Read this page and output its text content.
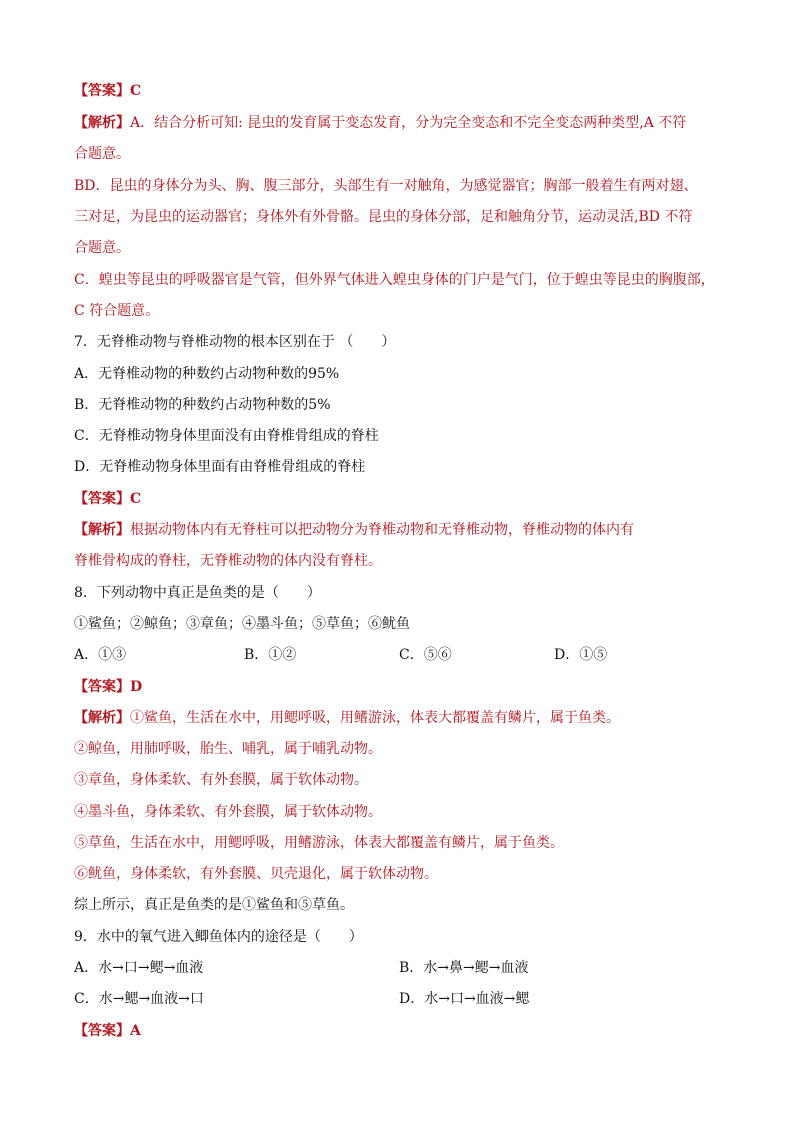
【答案】C
【解析】A．结合分析可知: 昆虫的发育属于变态发育，分为完全变态和不完全变态两种类型,A 不符
合题意。
BD．昆虫的身体分为头、胸、腹三部分，头部生有一对触角，为感觉器官；胸部一般着生有两对翅、
三对足，为昆虫的运动器官；身体外有外骨骼。昆虫的身体分部，足和触角分节，运动灵活,BD 不符
合题意。
C．蝗虫等昆虫的呼吸器官是气管，但外界气体进入蝗虫身体的门户是气门，位于蝗虫等昆虫的胸腹部，
C 符合题意。
7．无脊椎动物与脊椎动物的根本区别在于 （　　）
A．无脊椎动物的种数约占动物种数的95%
B．无脊椎动物的种数约占动物种数的5%
C．无脊椎动物身体里面没有由脊椎骨组成的脊柱
D．无脊椎动物身体里面有由脊椎骨组成的脊柱
【答案】C
【解析】根据动物体内有无脊柱可以把动物分为脊椎动物和无脊椎动物，脊椎动物的体内有
脊椎骨构成的脊柱，无脊椎动物的体内没有脊柱。
8．下列动物中真正是鱼类的是（　　）
①鲨鱼；②鲸鱼；③章鱼；④墨斗鱼；⑤草鱼；⑥鱿鱼
A．①③	B．①②	C．⑤⑥	D．①⑤
【答案】D
【解析】①鲨鱼，生活在水中，用鳃呼吸，用鳍游泳，体表大都覆盖有鳞片，属于鱼类。
②鲸鱼，用肺呼吸，胎生、哺乳，属于哺乳动物。
③章鱼，身体柔软、有外套膜，属于软体动物。
④墨斗鱼，身体柔软、有外套膜，属于软体动物。
⑤草鱼，生活在水中，用鳃呼吸，用鳍游泳，体表大都覆盖有鳞片，属于鱼类。
⑥鱿鱼，身体柔软，有外套膜、贝壳退化，属于软体动物。
综上所示，真正是鱼类的是①鲨鱼和⑤草鱼。
9．水中的氧气进入鲫鱼体内的途径是（　　）
A．水→口→鳃→血液	B．水→鼻→鳃→血液
C．水→鳃→血液→口	D．水→口→血液→鳃
【答案】A
